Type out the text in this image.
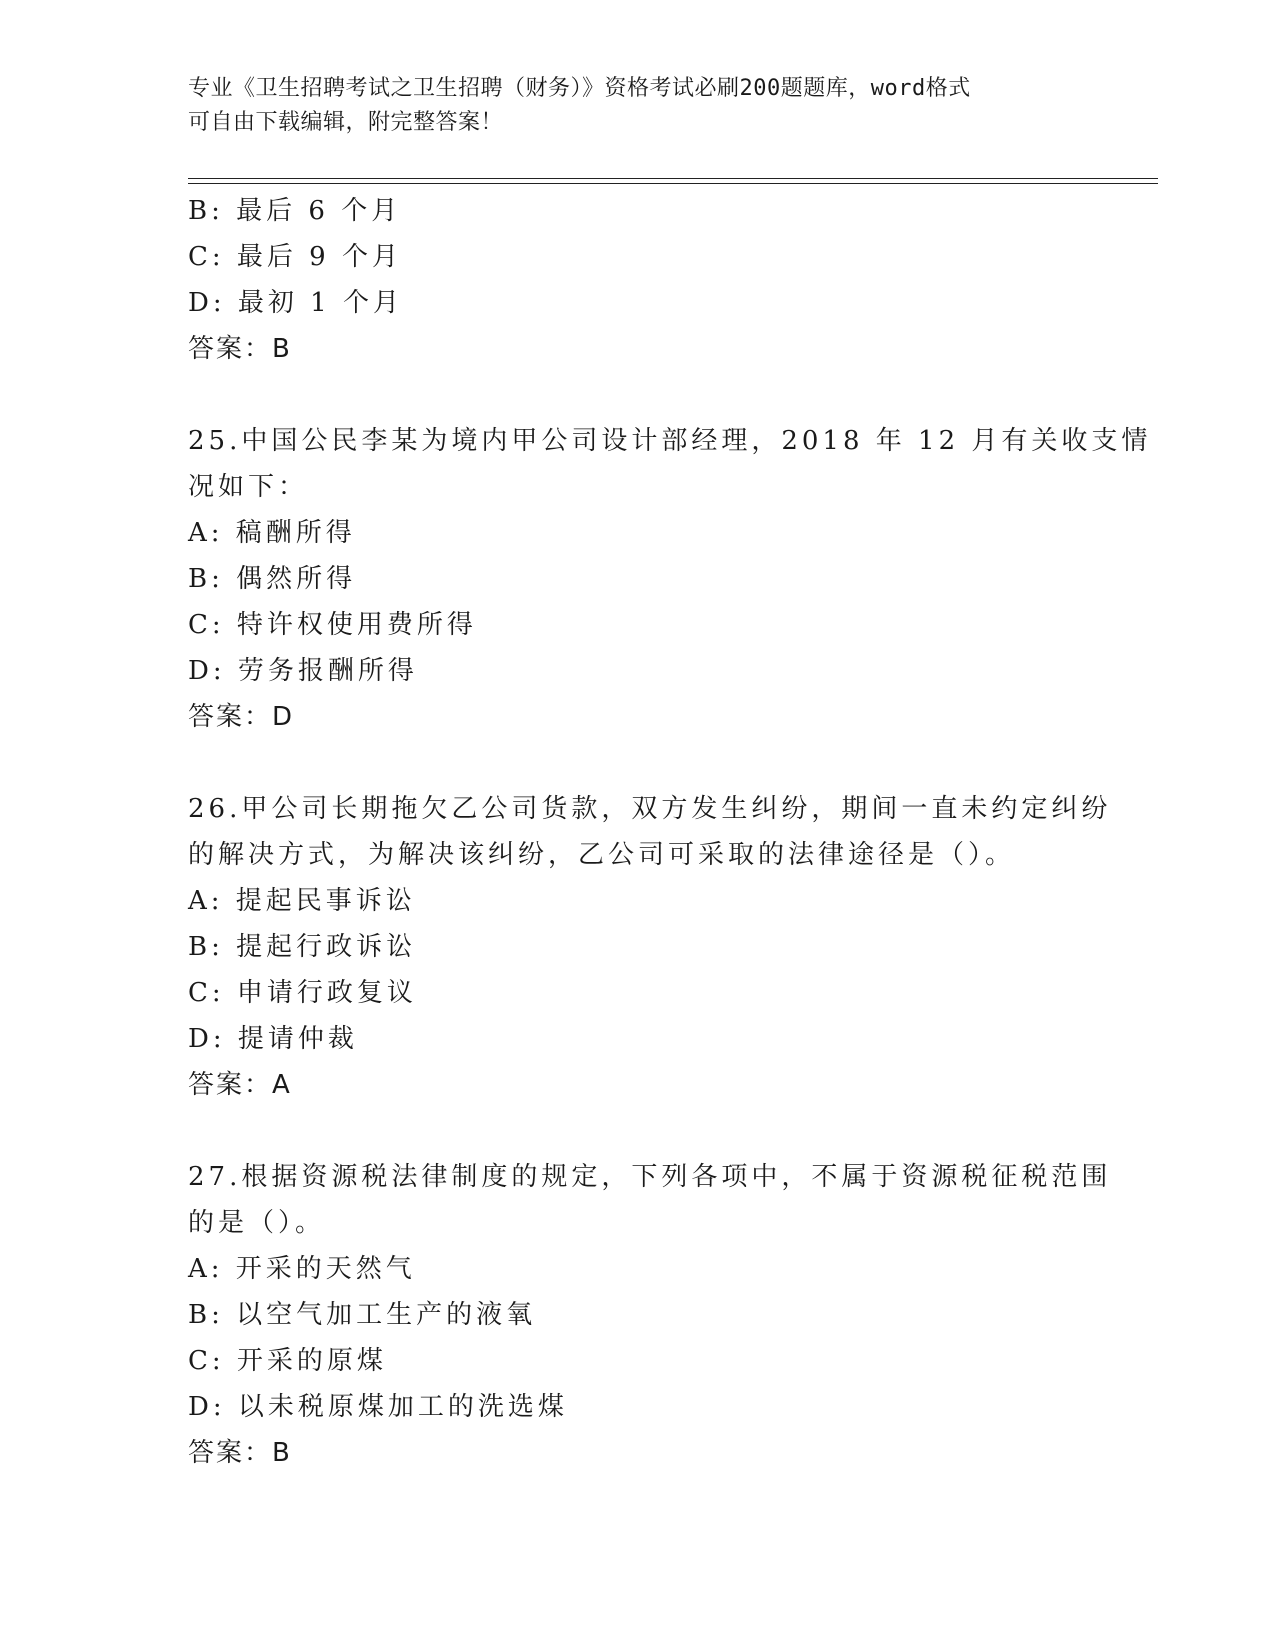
专业《卫生招聘考试之卫生招聘（财务）》资格考试必刷200题题库，word格式
可自由下载编辑，附完整答案！
B: 最后 6 个月
C: 最后 9 个月
D: 最初 1 个月
答案：B
25.中国公民李某为境内甲公司设计部经理，2018 年 12 月有关收支情
况如下：
A: 稿酬所得
B: 偶然所得
C: 特许权使用费所得
D: 劳务报酬所得
答案：D
26.甲公司长期拖欠乙公司货款，双方发生纠纷，期间一直未约定纠纷
的解决方式，为解决该纠纷，乙公司可采取的法律途径是（）。
A: 提起民事诉讼
B: 提起行政诉讼
C: 申请行政复议
D: 提请仲裁
答案：A
27.根据资源税法律制度的规定，下列各项中，不属于资源税征税范围
的是（）。
A: 开采的天然气
B: 以空气加工生产的液氧
C: 开采的原煤
D: 以未税原煤加工的洗选煤
答案：B
